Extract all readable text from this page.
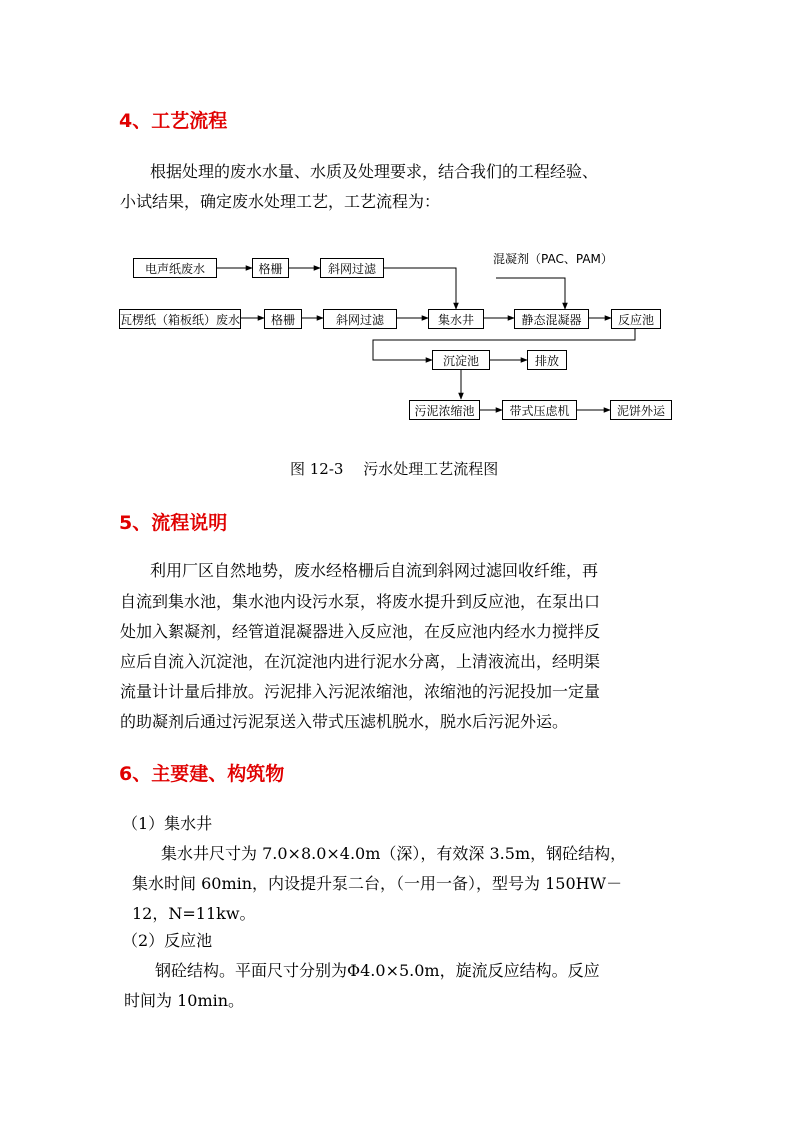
4、工艺流程
根据处理的废水水量、水质及处理要求，结合我们的工程经验、
小试结果，确定废水处理工艺，工艺流程为：
电声纸废水	格栅	斜网过滤
混凝剂（PAC、PAM）
瓦楞纸（箱板纸）废水	格栅	斜网过滤	集水井	静态混凝器	反应池
沉淀池	排放
污泥浓缩池	带式压虑机	泥饼外运
图 12-3　 污水处理工艺流程图
5、流程说明
利用厂区自然地势，废水经格栅后自流到斜网过滤回收纤维，再
自流到集水池，集水池内设污水泵，将废水提升到反应池，在泵出口
处加入絮凝剂，经管道混凝器进入反应池，在反应池内经水力搅拌反
应后自流入沉淀池，在沉淀池内进行泥水分离，上清液流出，经明渠
流量计计量后排放。污泥排入污泥浓缩池，浓缩池的污泥投加一定量
的助凝剂后通过污泥泵送入带式压滤机脱水，脱水后污泥外运。
6、主要建、构筑物
（1）集水井
集水井尺寸为 7.0×8.0×4.0m（深），有效深 3.5m，钢砼结构，
集水时间 60min，内设提升泵二台，（一用一备），型号为 150HW－
12，N=11kw。
（2）反应池
钢砼结构。平面尺寸分别为Φ4.0×5.0m，旋流反应结构。反应
时间为 10min。
